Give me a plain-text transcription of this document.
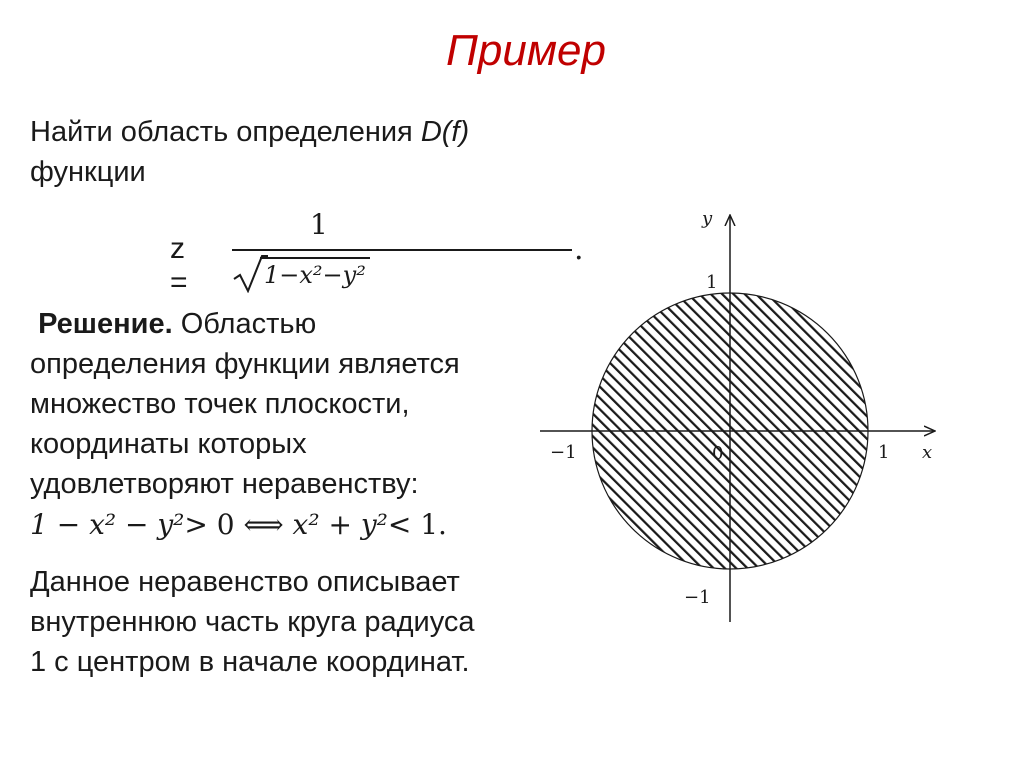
Пример
Найти область определения D(f)
функции
z =
1
.
1−x²−y²
Решение. Областью
определения функции является
множество точек плоскости,
координаты которых
удовлетворяют неравенству:
1 − x² − y²> 0 ⟺ x² + y²< 1.
Данное неравенство описывает
внутреннюю часть круга радиуса
1 с центром в начале координат.
x
y
−1	1
1
−1
0
